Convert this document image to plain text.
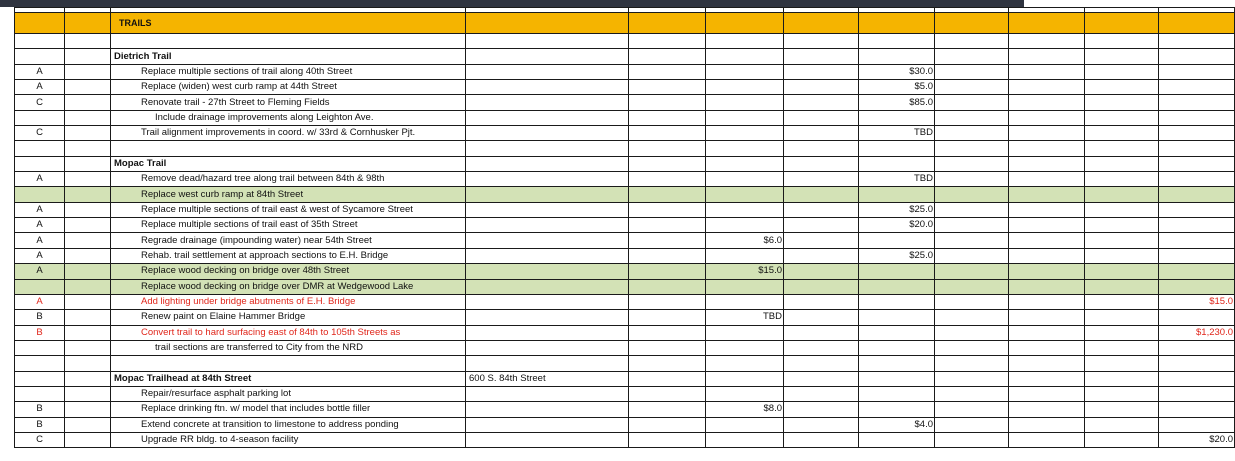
		TRAILS									

		Dietrich Trail									
A		Replace multiple sections of trail along 40th Street					$30.0				
A		Replace (widen) west curb ramp at 44th Street					$5.0				
C		Renovate trail - 27th Street to Fleming Fields					$85.0				
		Include drainage improvements along Leighton Ave.									
C		Trail alignment improvements in coord. w/ 33rd & Cornhusker Pjt.					TBD				

		Mopac Trail									
A		Remove dead/hazard tree along trail between 84th & 98th					TBD				
		Replace west curb ramp at 84th Street									
A		Replace multiple sections of trail east & west of Sycamore Street					$25.0				
A		Replace multiple sections of trail east of 35th Street					$20.0				
A		Regrade drainage (impounding water) near 54th Street			$6.0						
A		Rehab. trail settlement at approach sections to E.H. Bridge					$25.0				
A		Replace wood decking on bridge over 48th Street			$15.0						
		Replace wood decking on bridge over DMR at Wedgewood Lake									
A		Add lighting under bridge abutments of E.H. Bridge									$15.0
B		Renew paint on Elaine Hammer Bridge			TBD						
B		Convert trail to hard surfacing east of 84th to 105th Streets as									$1,230.0
		trail sections are transferred to City from the NRD									

		Mopac Trailhead at 84th Street	600 S. 84th Street								
		Repair/resurface asphalt parking lot									
B		Replace drinking ftn. w/ model that includes bottle filler			$8.0						
B		Extend concrete at transition to limestone to address ponding					$4.0				
C		Upgrade RR bldg. to 4-season facility									$20.0
